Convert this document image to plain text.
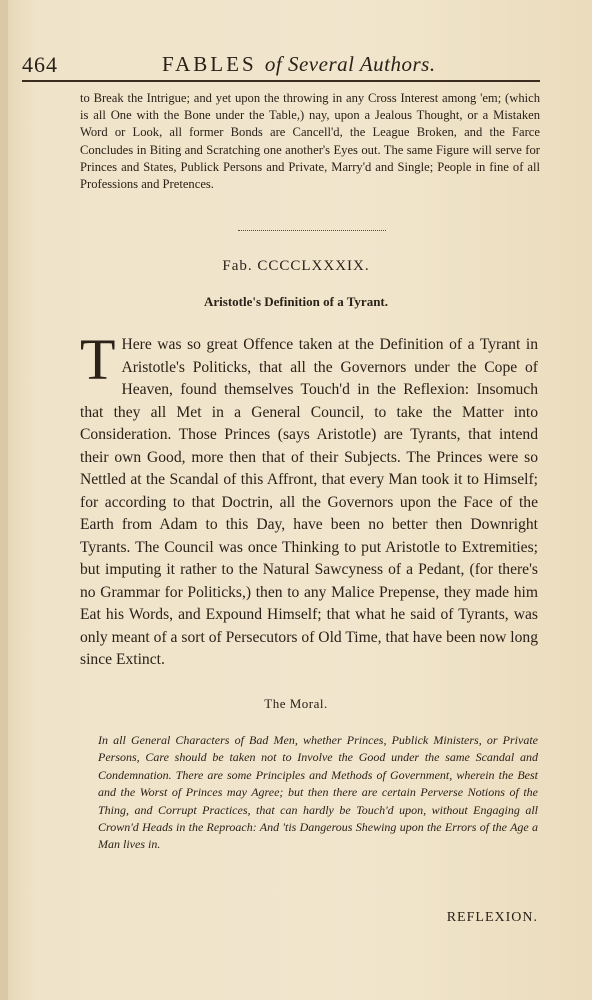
464	FABLES of Several Authors.

to Break the Intrigue; and yet upon the throwing in any Cross Interest among 'em; (which is all One with the Bone under the Table,) nay, upon a Jealous Thought, or a Mistaken Word or Look, all former Bonds are Cancell'd, the League Broken, and the Farce Concludes in Biting and Scratching one another's Eyes out. The same Figure will serve for Princes and States, Publick Persons and Private, Marry'd and Single; People in fine of all Professions and Pretences.

Fab. CCCCLXXXIX.
Aristotle's Definition of a Tyrant.
T Here was so great Offence taken at the Definition of a Tyrant in Aristotle's Politicks, that all the Governors under the Cope of Heaven, found themselves Touch'd in the Reflexion: Insomuch that they all Met in a General Council, to take the Matter into Consideration. Those Princes (says Aristotle) are Tyrants, that intend their own Good, more then that of their Subjects. The Princes were so Nettled at the Scandal of this Affront, that every Man took it to Himself; for according to that Doctrin, all the Governors upon the Face of the Earth from Adam to this Day, have been no better then Downright Tyrants. The Council was once Thinking to put Aristotle to Extremities; but imputing it rather to the Natural Sawcyness of a Pedant, (for there's no Grammar for Politicks,) then to any Malice Prepense, they made him Eat his Words, and Expound Himself; that what he said of Tyrants, was only meant of a sort of Persecutors of Old Time, that have been now long since Extinct.

The Moral.

In all General Characters of Bad Men, whether Princes, Publick Ministers, or Private Persons, Care should be taken not to Involve the Good under the same Scandal and Condemnation. There are some Principles and Methods of Government, wherein the Best and the Worst of Princes may Agree; but then there are certain Perverse Notions of the Thing, and Corrupt Practices, that can hardly be Touch'd upon, without Engaging all Crown'd Heads in the Reproach: And 'tis Dangerous Shewing upon the Errors of the Age a Man lives in.

REFLEXION.
